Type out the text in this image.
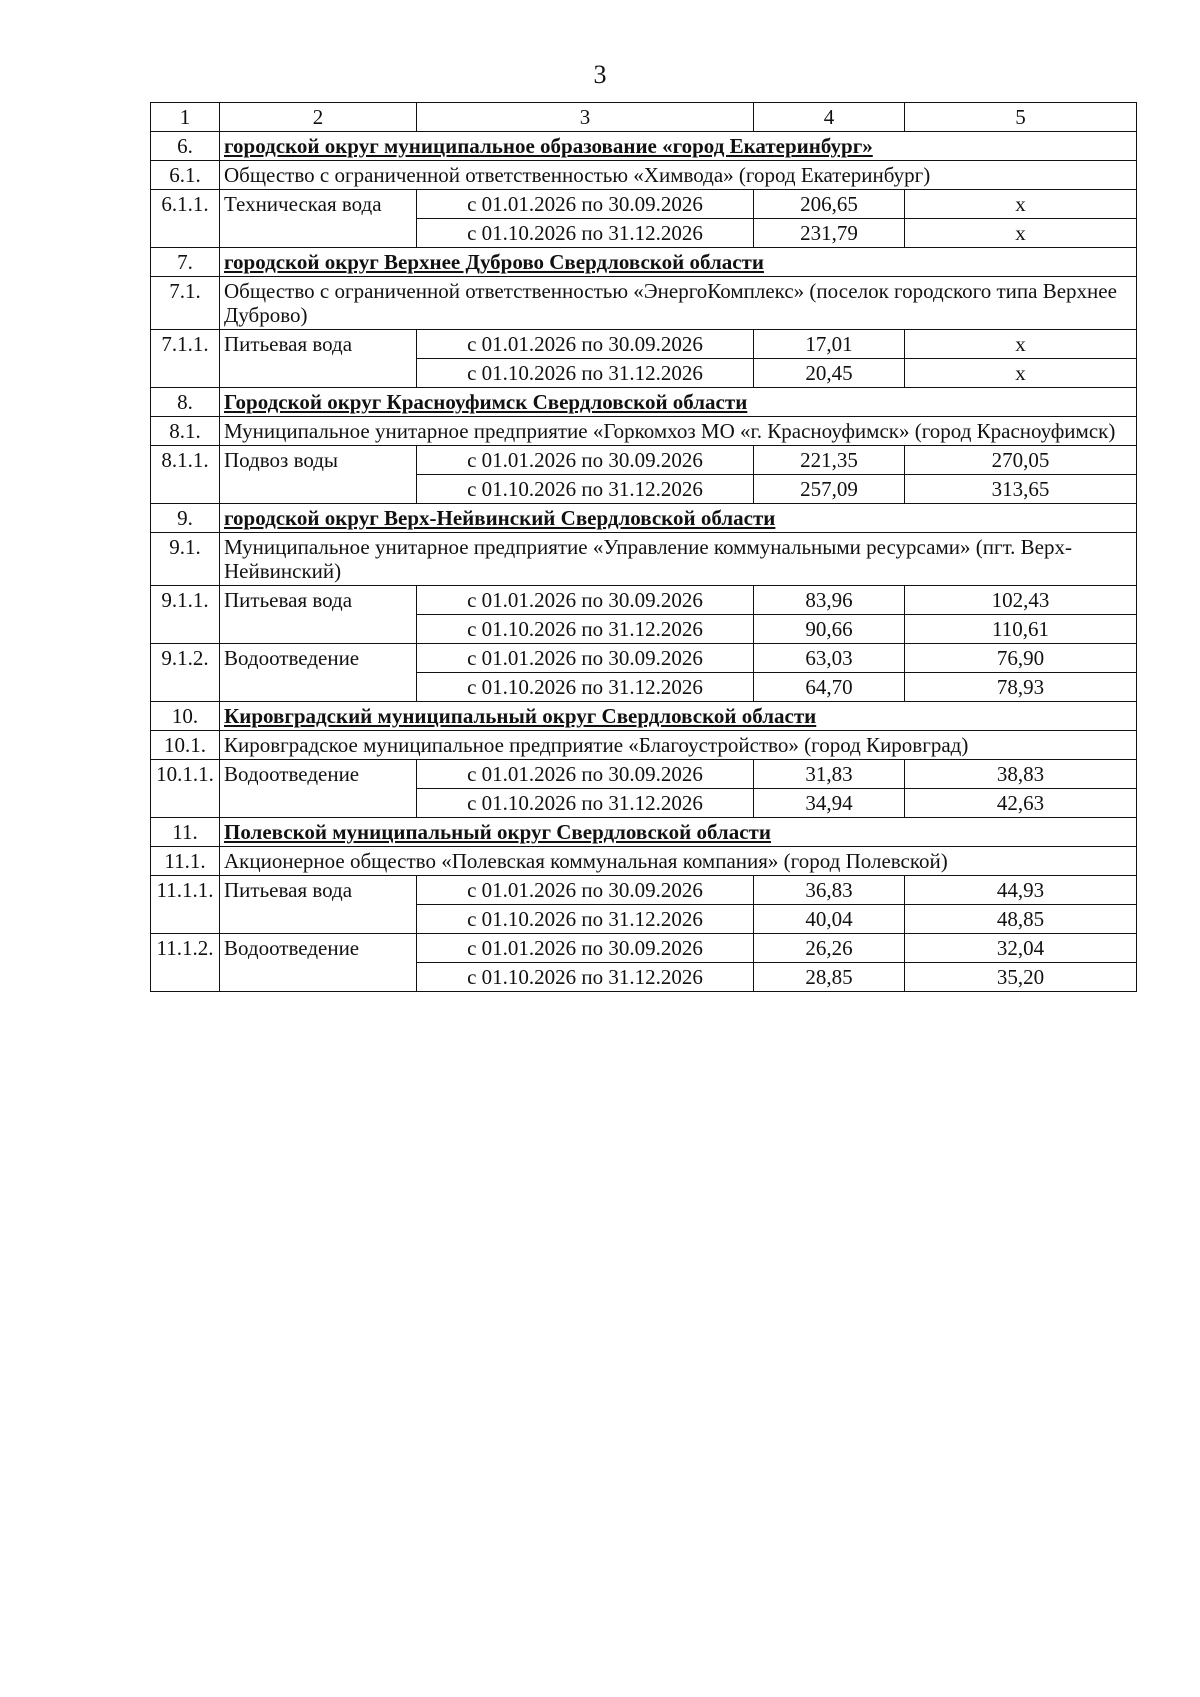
3
1	2	3	4	5
6.	городской округ муниципальное образование «город Екатеринбург»			
6.1.	Общество с ограниченной ответственностью «Химвода» (город Екатеринбург)			
6.1.1.	Техническая вода	с 01.01.2026 по 30.09.2026	206,65	х
		с 01.10.2026 по 31.12.2026	231,79	х
7.	городской округ Верхнее Дуброво Свердловской области			
7.1.	Общество с ограниченной ответственностью «ЭнергоКомплекс» (поселок городского типа Верхнее Дуброво)			
7.1.1.	Питьевая вода	с 01.01.2026 по 30.09.2026	17,01	х
		с 01.10.2026 по 31.12.2026	20,45	х
8.	Городской округ Красноуфимск Свердловской области			
8.1.	Муниципальное унитарное предприятие «Горкомхоз МО «г. Красноуфимск» (город Красноуфимск)			
8.1.1.	Подвоз воды	с 01.01.2026 по 30.09.2026	221,35	270,05
		с 01.10.2026 по 31.12.2026	257,09	313,65
9.	городской округ Верх-Нейвинский Свердловской области			
9.1.	Муниципальное унитарное предприятие «Управление коммунальными ресурсами» (пгт. Верх-Нейвинский)			
9.1.1.	Питьевая вода	с 01.01.2026 по 30.09.2026	83,96	102,43
		с 01.10.2026 по 31.12.2026	90,66	110,61
9.1.2.	Водоотведение	с 01.01.2026 по 30.09.2026	63,03	76,90
		с 01.10.2026 по 31.12.2026	64,70	78,93
10.	Кировградский муниципальный округ Свердловской области			
10.1.	Кировградское муниципальное предприятие «Благоустройство» (город Кировград)			
10.1.1.	Водоотведение	с 01.01.2026 по 30.09.2026	31,83	38,83
		с 01.10.2026 по 31.12.2026	34,94	42,63
11.	Полевской муниципальный округ Свердловской области			
11.1.	Акционерное общество «Полевская коммунальная компания» (город Полевской)			
11.1.1.	Питьевая вода	с 01.01.2026 по 30.09.2026	36,83	44,93
		с 01.10.2026 по 31.12.2026	40,04	48,85
11.1.2.	Водоотведение	с 01.01.2026 по 30.09.2026	26,26	32,04
		с 01.10.2026 по 31.12.2026	28,85	35,20
